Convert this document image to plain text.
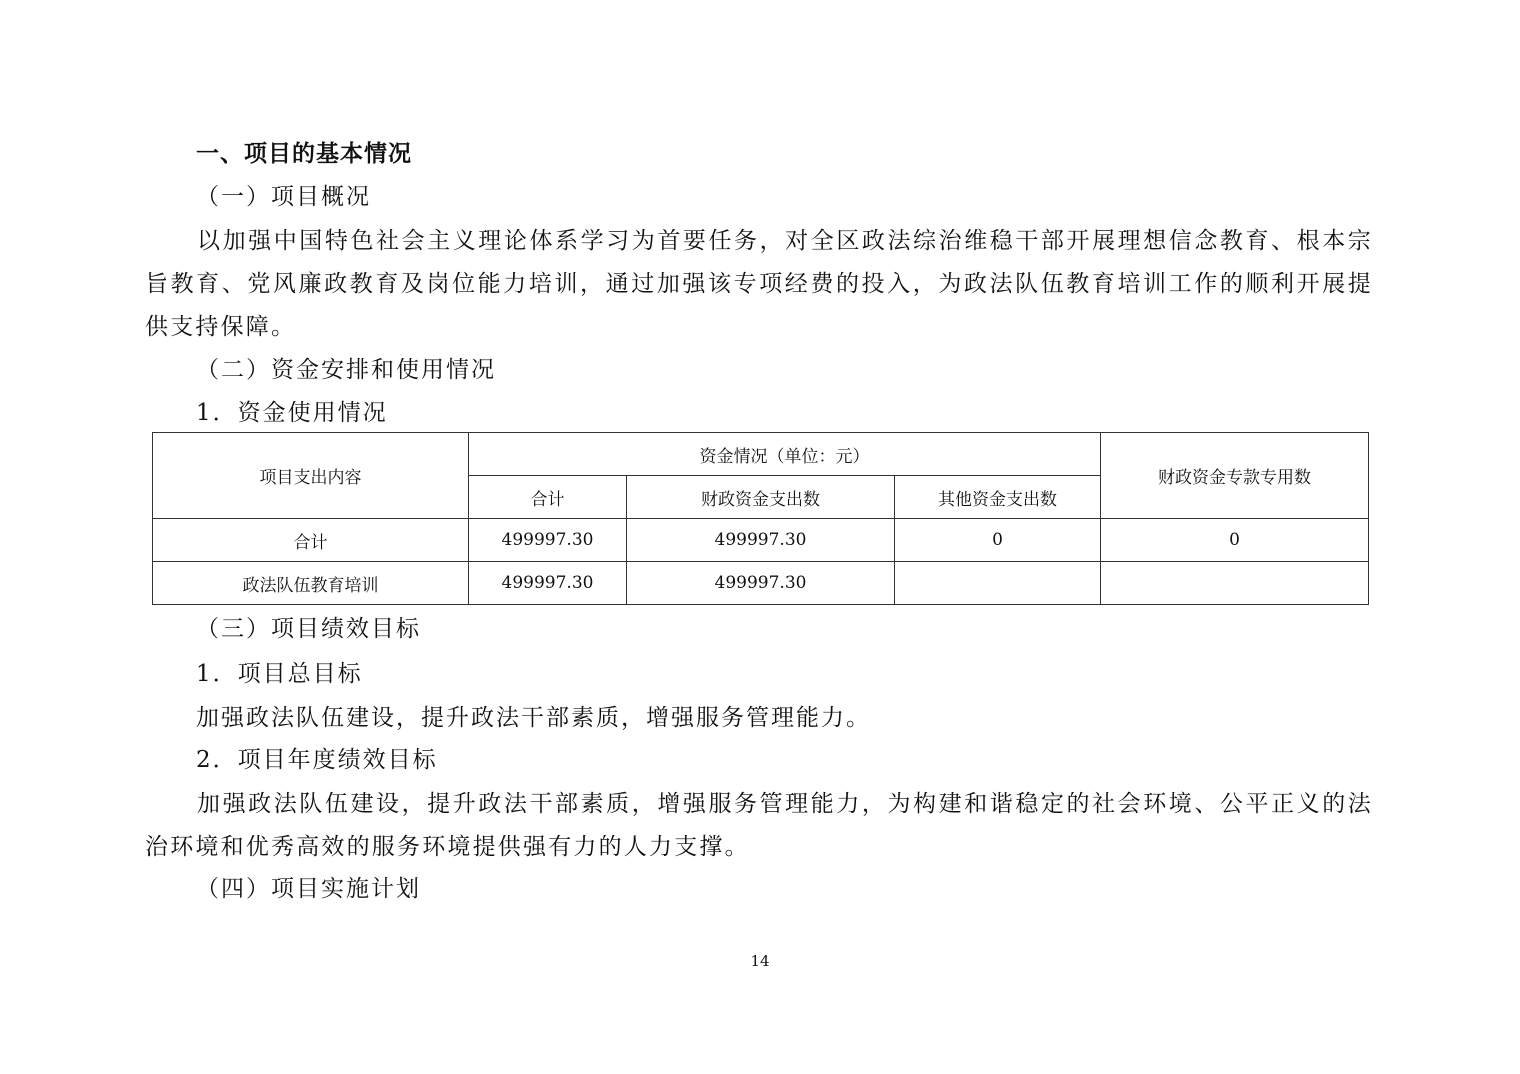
一、项目的基本情况

（一）项目概况

以加强中国特色社会主义理论体系学习为首要任务，对全区政法综治维稳干部开展理想信念教育、根本宗旨教育、党风廉政教育及岗位能力培训，通过加强该专项经费的投入，为政法队伍教育培训工作的顺利开展提供支持保障。

（二）资金安排和使用情况

1．资金使用情况

项目支出内容	资金情况（单位：元）			财政资金专款专用数
	合计	财政资金支出数	其他资金支出数	
合计	499997.30	499997.30	0	0
政法队伍教育培训	499997.30	499997.30		

（三）项目绩效目标

1．项目总目标

加强政法队伍建设，提升政法干部素质，增强服务管理能力。

2．项目年度绩效目标

加强政法队伍建设，提升政法干部素质，增强服务管理能力，为构建和谐稳定的社会环境、公平正义的法治环境和优秀高效的服务环境提供强有力的人力支撑。

（四）项目实施计划

14
